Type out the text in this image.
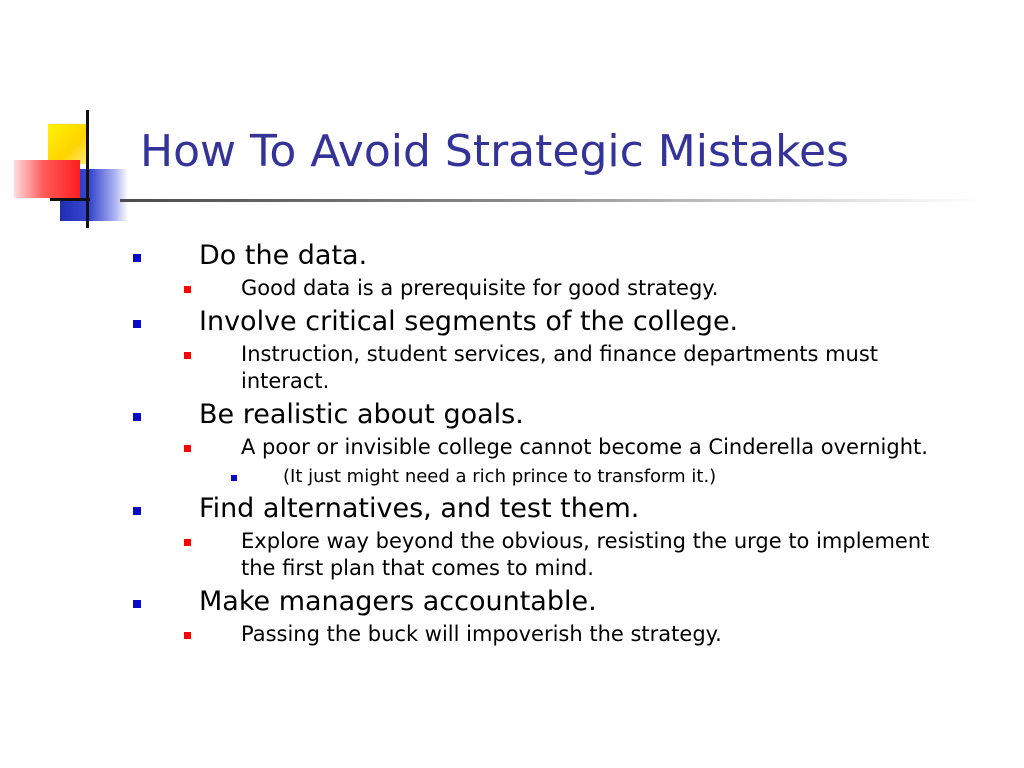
How To Avoid Strategic Mistakes
Do the data.
Good data is a prerequisite for good strategy.
Involve critical segments of the college.
Instruction, student services, and finance departments must interact.
Be realistic about goals.
A poor or invisible college cannot become a Cinderella overnight.
(It just might need a rich prince to transform it.)
Find alternatives, and test them.
Explore way beyond the obvious, resisting the urge to implement the first plan that comes to mind.
Make managers accountable.
Passing the buck will impoverish the strategy.
